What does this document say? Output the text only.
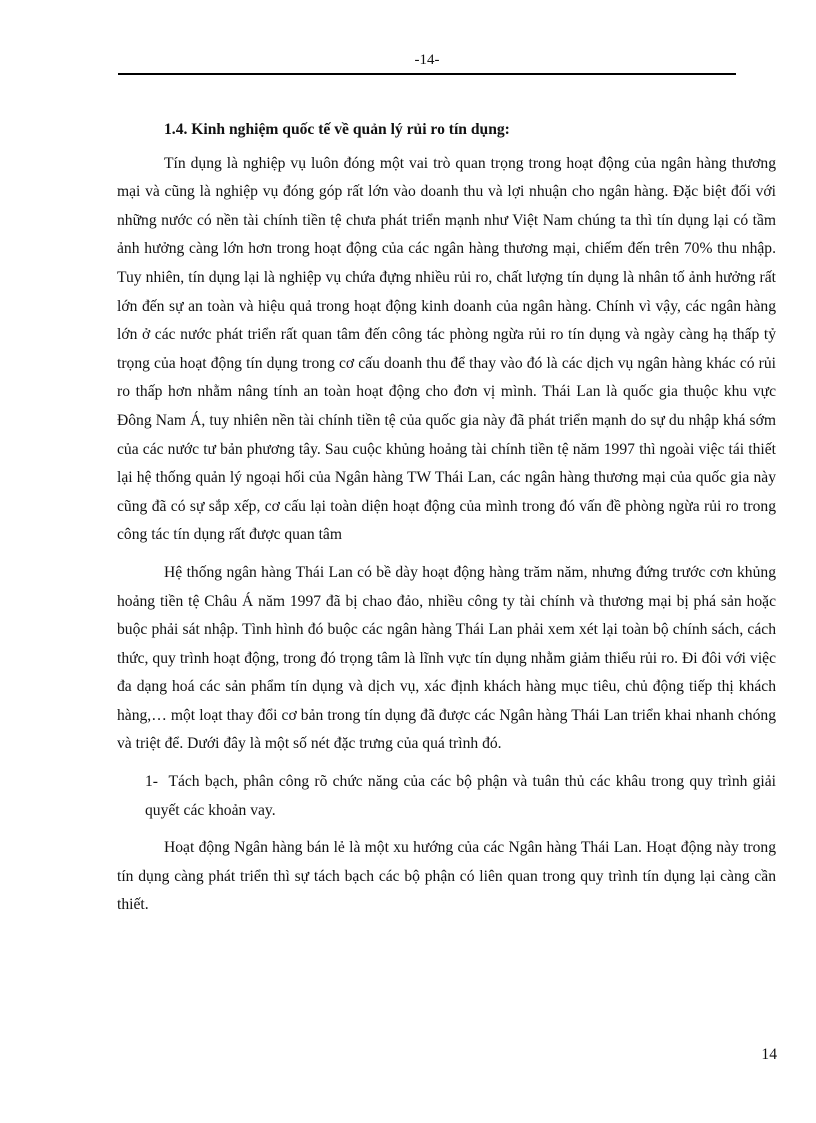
-14-

1.4. Kinh nghiệm quốc tế về quản lý rủi ro tín dụng:

Tín dụng là nghiệp vụ luôn đóng một vai trò quan trọng trong hoạt động của ngân hàng thương mại và cũng là nghiệp vụ đóng góp rất lớn vào doanh thu và lợi nhuận cho ngân hàng. Đặc biệt đối với những nước có nền tài chính tiền tệ chưa phát triển mạnh như Việt Nam chúng ta thì tín dụng lại có tầm ảnh hưởng càng lớn hơn trong hoạt động của các ngân hàng thương mại, chiếm đến trên 70% thu nhập. Tuy nhiên, tín dụng lại là nghiệp vụ chứa đựng nhiều rủi ro, chất lượng tín dụng là nhân tố ảnh hưởng rất lớn đến sự an toàn và hiệu quả trong hoạt động kinh doanh của ngân hàng. Chính vì vậy, các ngân hàng lớn ở các nước phát triển rất quan tâm đến công tác phòng ngừa rủi ro tín dụng và ngày càng hạ thấp tỷ trọng của hoạt động tín dụng trong cơ cấu doanh thu để thay vào đó là các dịch vụ ngân hàng khác có rủi ro thấp hơn nhằm nâng tính an toàn hoạt động cho đơn vị mình. Thái Lan là quốc gia thuộc khu vực Đông Nam Á, tuy nhiên nền tài chính tiền tệ của quốc gia này đã phát triển mạnh do sự du nhập khá sớm của các nước tư bản phương tây. Sau cuộc khủng hoảng tài chính tiền tệ năm 1997 thì ngoài việc tái thiết lại hệ thống quản lý ngoại hối của Ngân hàng TW Thái Lan, các ngân hàng thương mại của quốc gia này cũng đã có sự sắp xếp, cơ cấu lại toàn diện hoạt động của mình trong đó vấn đề phòng ngừa rủi ro trong công tác tín dụng rất được quan tâm

Hệ thống ngân hàng Thái Lan có bề dày hoạt động hàng trăm năm, nhưng đứng trước cơn khủng hoảng tiền tệ Châu Á năm 1997 đã bị chao đảo, nhiều công ty tài chính và thương mại bị phá sản hoặc buộc phải sát nhập. Tình hình đó buộc các ngân hàng Thái Lan phải xem xét lại toàn bộ chính sách, cách thức, quy trình hoạt động, trong đó trọng tâm là lĩnh vực tín dụng nhằm giảm thiểu rủi ro. Đi đôi với việc đa dạng hoá các sản phẩm tín dụng và dịch vụ, xác định khách hàng mục tiêu, chủ động tiếp thị khách hàng,… một loạt thay đổi cơ bản trong tín dụng đã được các Ngân hàng Thái Lan triển khai nhanh chóng và triệt để. Dưới đây là một số nét đặc trưng của quá trình đó.

1- Tách bạch, phân công rõ chức năng của các bộ phận và tuân thủ các khâu trong quy trình giải quyết các khoản vay.

Hoạt động Ngân hàng bán lẻ là một xu hướng của các Ngân hàng Thái Lan. Hoạt động này trong tín dụng càng phát triển thì sự tách bạch các bộ phận có liên quan trong quy trình tín dụng lại càng cần thiết.

14
